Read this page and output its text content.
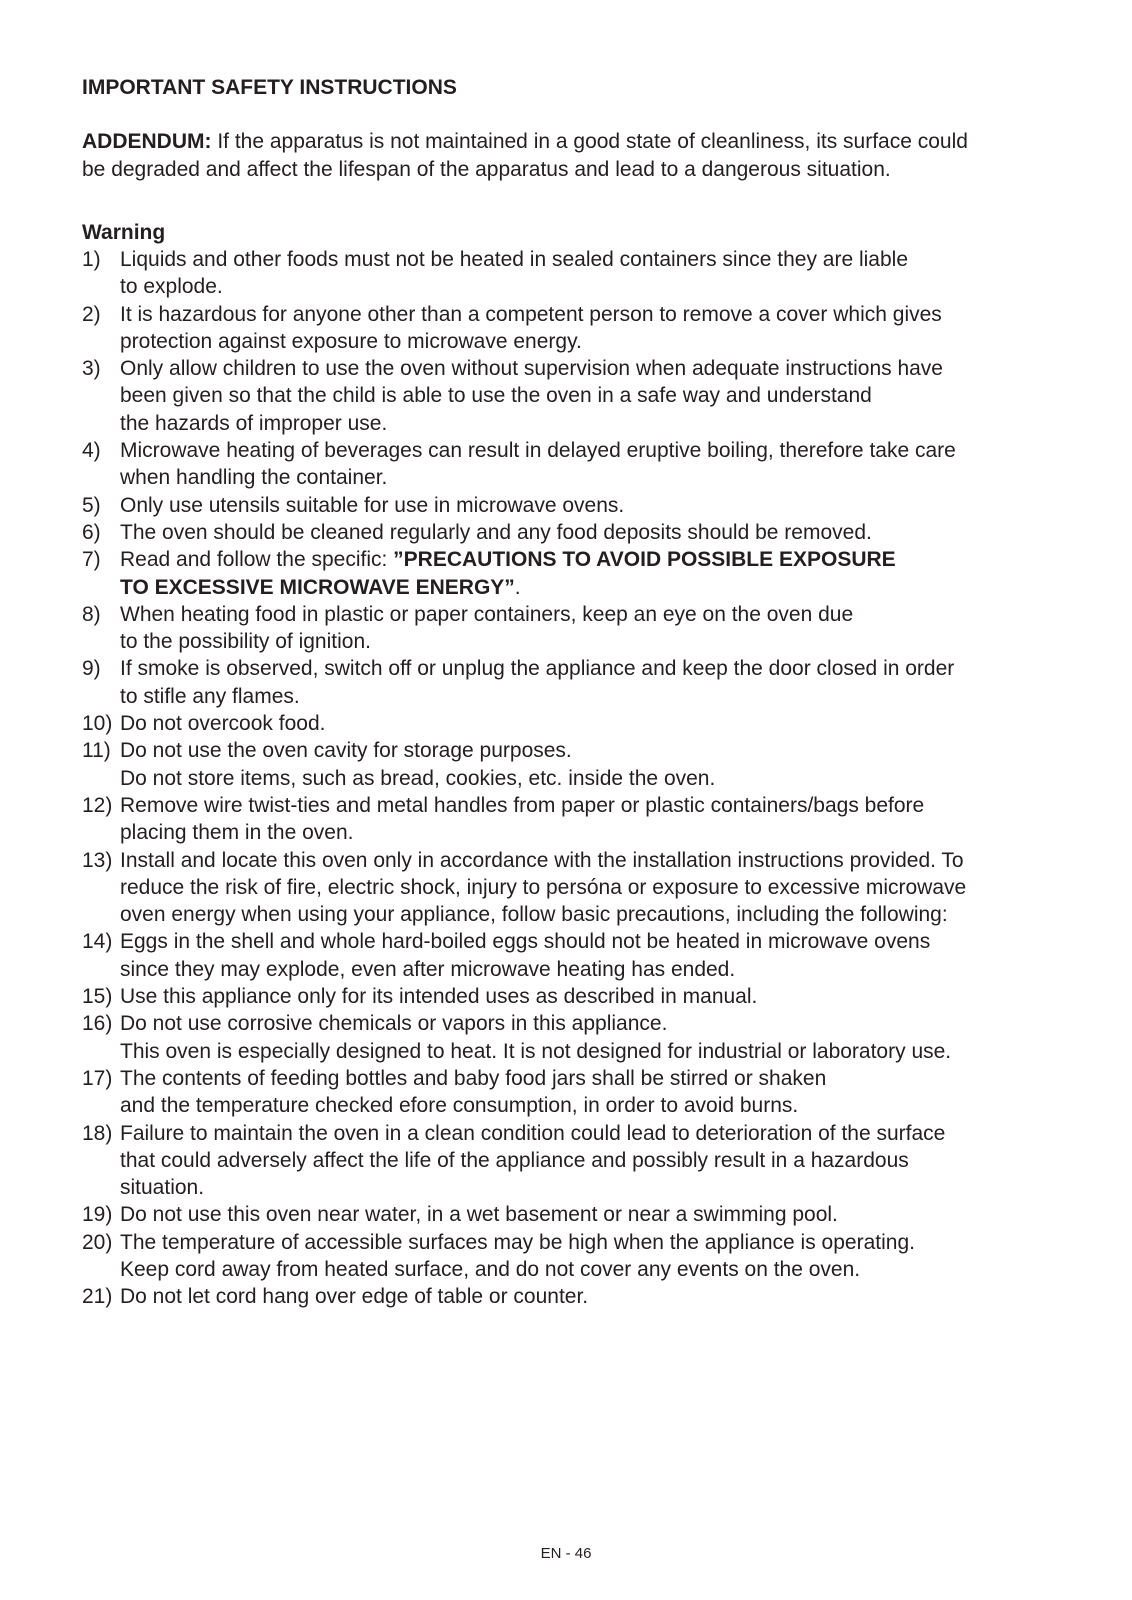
IMPORTANT SAFETY INSTRUCTIONS

ADDENDUM: If the apparatus is not maintained in a good state of cleanliness, its surface could
be degraded and affect the lifespan of the apparatus and lead to a dangerous situation.

Warning
1) Liquids and other foods must not be heated in sealed containers since they are liable
to explode.
2) It is hazardous for anyone other than a competent person to remove a cover which gives
protection against exposure to microwave energy.
3) Only allow children to use the oven without supervision when adequate instructions have
been given so that the child is able to use the oven in a safe way and understand
the hazards of improper use.
4) Microwave heating of beverages can result in delayed eruptive boiling, therefore take care
when handling the container.
5) Only use utensils suitable for use in microwave ovens.
6) The oven should be cleaned regularly and any food deposits should be removed.
7) Read and follow the specific: ”PRECAUTIONS TO AVOID POSSIBLE EXPOSURE
TO EXCESSIVE MICROWAVE ENERGY”.
8) When heating food in plastic or paper containers, keep an eye on the oven due
to the possibility of ignition.
9) If smoke is observed, switch off or unplug the appliance and keep the door closed in order
to stifle any flames.
10) Do not overcook food.
11) Do not use the oven cavity for storage purposes.
Do not store items, such as bread, cookies, etc. inside the oven.
12) Remove wire twist-ties and metal handles from paper or plastic containers/bags before
placing them in the oven.
13) Install and locate this oven only in accordance with the installation instructions provided. To
reduce the risk of fire, electric shock, injury to persóna or exposure to excessive microwave
oven energy when using your appliance, follow basic precautions, including the following:
14) Eggs in the shell and whole hard-boiled eggs should not be heated in microwave ovens
since they may explode, even after microwave heating has ended.
15) Use this appliance only for its intended uses as described in manual.
16) Do not use corrosive chemicals or vapors in this appliance.
This oven is especially designed to heat. It is not designed for industrial or laboratory use.
17) The contents of feeding bottles and baby food jars shall be stirred or shaken
and the temperature checked efore consumption, in order to avoid burns.
18) Failure to maintain the oven in a clean condition could lead to deterioration of the surface
that could adversely affect the life of the appliance and possibly result in a hazardous
situation.
19) Do not use this oven near water, in a wet basement or near a swimming pool.
20) The temperature of accessible surfaces may be high when the appliance is operating.
Keep cord away from heated surface, and do not cover any events on the oven.
21) Do not let cord hang over edge of table or counter.
EN - 46
